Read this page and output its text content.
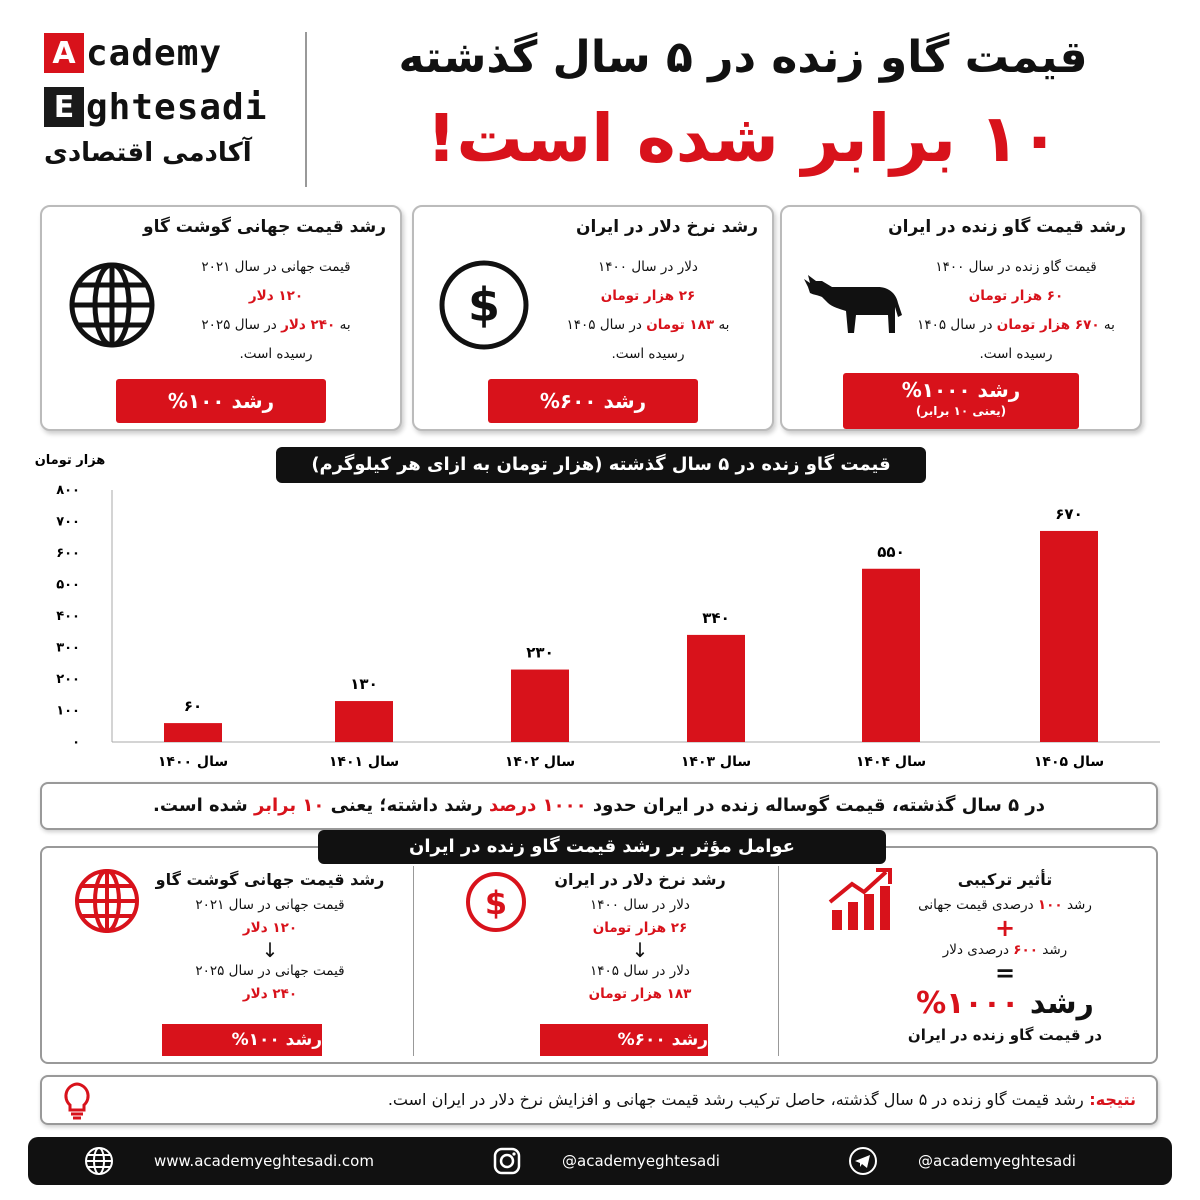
A cademy
E ghtesadi
آکادمی اقتصادی
قیمت گاو زنده در ۵ سال گذشته
۱۰ برابر شده است!
رشد قیمت گاو زنده در ایران
قیمت گاو زنده در سال ۱۴۰۰
۶۰ هزار تومان
به ۶۷۰ هزار تومان در سال ۱۴۰۵
رسیده است.
رشد ۱۰۰۰%
(یعنی ۱۰ برابر)
رشد نرخ دلار در ایران
$
دلار در سال ۱۴۰۰
۲۶ هزار تومان
به ۱۸۳ تومان در سال ۱۴۰۵
رسیده است.
رشد ۶۰۰%
رشد قیمت جهانی گوشت گاو
قیمت جهانی در سال ۲۰۲۱
۱۲۰ دلار
به ۲۴۰ دلار در سال ۲۰۲۵
رسیده است.
رشد ۱۰۰%
هزار تومان
۰
۱۰۰
۲۰۰
۳۰۰
۴۰۰
۵۰۰
۶۰۰
۷۰۰
۸۰۰
۶۰
سال ۱۴۰۰
۱۳۰
سال ۱۴۰۱
۲۳۰
سال ۱۴۰۲
۳۴۰
سال ۱۴۰۳
۵۵۰
سال ۱۴۰۴
۶۷۰
سال ۱۴۰۵
قیمت گاو زنده در ۵ سال گذشته (هزار تومان به ازای هر کیلوگرم)
در ۵ سال گذشته، قیمت گوساله زنده در ایران حدود ۱۰۰۰ درصد رشد داشته؛ یعنی ۱۰ برابر شده است.
عوامل مؤثر بر رشد قیمت گاو زنده در ایران
تأثیر ترکیبی
رشد ۱۰۰ درصدی قیمت جهانی
+
رشد ۶۰۰ درصدی دلار
=
رشد ۱۰۰۰%
در قیمت گاو زنده در ایران
$
رشد نرخ دلار در ایران
دلار در سال ۱۴۰۰
۲۶ هزار تومان
↓
دلار در سال ۱۴۰۵
۱۸۳ هزار تومان
رشد ۶۰۰%
رشد قیمت جهانی گوشت گاو
قیمت جهانی در سال ۲۰۲۱
۱۲۰ دلار
↓
قیمت جهانی در سال ۲۰۲۵
۲۴۰ دلار
رشد ۱۰۰%
نتیجه: رشد قیمت گاو زنده در ۵ سال گذشته، حاصل ترکیب رشد قیمت جهانی و افزایش نرخ دلار در ایران است.
www.academyeghtesadi.com	@academyeghtesadi	@academyeghtesadi
